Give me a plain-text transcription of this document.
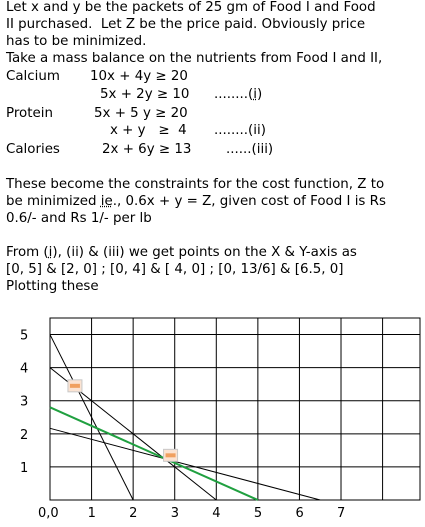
Let x and y be the packets of 25 gm of Food I and Food
II purchased.  Let Z be the price paid. Obviously price
has to be minimized.
Take a mass balance on the nutrients from Food I and II,
Calcium 10x + 4y ≥ 20
5x + 2y ≥ 10 ........(i)
Protein	5x + 5 y ≥ 20
x + y   ≥  4 ........(ii)
Calories	2x + 6y ≥ 13	......(iii)
These become the constraints for the cost function, Z to
be minimized ie., 0.6x + y = Z, given cost of Food I is Rs
0.6/- and Rs 1/- per lb
From (i), (ii) & (iii) we get points on the X & Y-axis as
[0, 5] & [2, 0] ; [0, 4] & [ 4, 0] ; [0, 13/6] & [6.5, 0]
Plotting these
0,0 1	2	3	4	5	6	7
1
2
3
4
5
